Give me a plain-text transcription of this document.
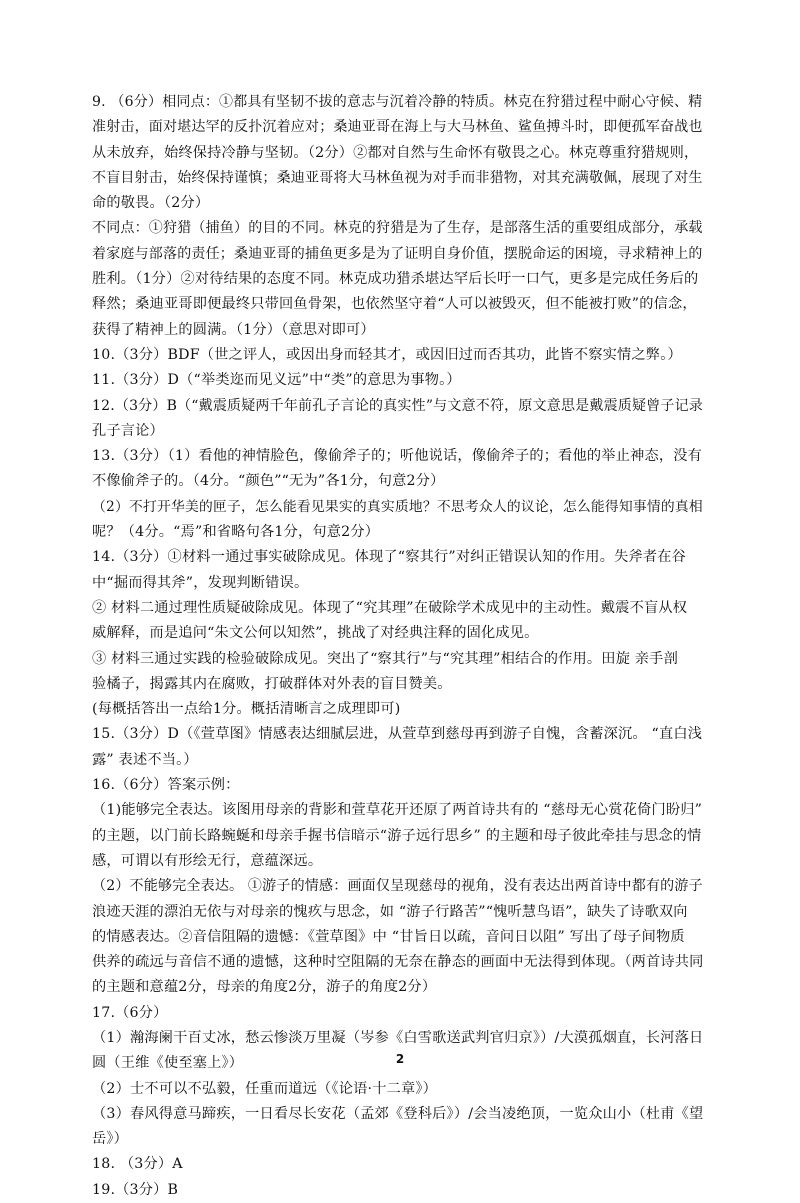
9. （6分）相同点：①都具有坚韧不拔的意志与沉着冷静的特质。林克在狩猎过程中耐心守候、精
准射击，面对堪达罕的反扑沉着应对；桑迪亚哥在海上与大马林鱼、鲨鱼搏斗时，即便孤军奋战也
从未放弃，始终保持冷静与坚韧。（2分）②都对自然与生命怀有敬畏之心。林克尊重狩猎规则，
不盲目射击，始终保持谨慎；桑迪亚哥将大马林鱼视为对手而非猎物，对其充满敬佩，展现了对生
命的敬畏。（2分）
不同点：①狩猎（捕鱼）的目的不同。林克的狩猎是为了生存，是部落生活的重要组成部分，承载
着家庭与部落的责任；桑迪亚哥的捕鱼更多是为了证明自身价值，摆脱命运的困境，寻求精神上的
胜利。（1分）②对待结果的态度不同。林克成功猎杀堪达罕后长吁一口气，更多是完成任务后的
释然；桑迪亚哥即便最终只带回鱼骨架，也依然坚守着“人可以被毁灭，但不能被打败”的信念，
获得了精神上的圆满。（1分）（意思对即可）
10.（3分）BDF（世之评人，或因出身而轻其才，或因旧过而否其功，此皆不察实情之弊。）
11.（3分）D（“举类迩而见义远”中“类”的意思为事物。）
12.（3分）B（“戴震质疑两千年前孔子言论的真实性”与文意不符，原文意思是戴震质疑曾子记录
孔子言论）
13.（3分）（1）看他的神情脸色，像偷斧子的；听他说话，像偷斧子的；看他的举止神态，没有
不像偷斧子的。（4分。“颜色”“无为”各1分，句意2分）
（2）不打开华美的匣子，怎么能看见果实的真实质地？不思考众人的议论，怎么能得知事情的真相
呢？（4分。“焉”和省略句各1分，句意2分）
14.（3分）①材料一通过事实破除成见。体现了“察其行”对纠正错误认知的作用。失斧者在谷
中“掘而得其斧”，发现判断错误。
② 材料二通过理性质疑破除成见。体现了“究其理”在破除学术成见中的主动性。戴震不盲从权
威解释，而是追问“朱文公何以知然”，挑战了对经典注释的固化成见。
③ 材料三通过实践的检验破除成见。突出了“察其行”与“究其理”相结合的作用。田旋 亲手剖
验橘子，揭露其内在腐败，打破群体对外表的盲目赞美。
(每概括答出一点给1分。概括清晰言之成理即可)
15.（3分）D（《萱草图》情感表达细腻层进，从萱草到慈母再到游子自愧，含蓄深沉。 “直白浅
露” 表述不当。）
16.（6分）答案示例：
（1)能够完全表达。该图用母亲的背影和萱草花开还原了两首诗共有的 “慈母无心赏花倚门盼归”
的主题，以门前长路蜿蜒和母亲手握书信暗示“游子远行思乡” 的主题和母子彼此牵挂与思念的情
感，可谓以有形绘无行，意蕴深远。
（2）不能够完全表达。 ①游子的情感：画面仅呈现慈母的视角，没有表达出两首诗中都有的游子
浪迹天涯的漂泊无依与对母亲的愧疚与思念，如 “游子行路苦”“愧听慧鸟语”，缺失了诗歌双向
的情感表达。②音信阻隔的遗憾：《萱草图》中 “甘旨日以疏，音问日以阻” 写出了母子间物质
供养的疏远与音信不通的遗憾，这种时空阻隔的无奈在静态的画面中无法得到体现。（两首诗共同
的主题和意蕴2分，母亲的角度2分，游子的角度2分）
17.（6分）
（1）瀚海阑干百丈冰，愁云惨淡万里凝（岑参《白雪歌送武判官归京》）/大漠孤烟直，长河落日
圆（王维《使至塞上》）
（2）士不可以不弘毅，任重而道远（《论语·十二章》）
（3）春风得意马蹄疾，一日看尽长安花（孟郊《登科后》）/会当凌绝顶，一览众山小（杜甫《望
岳》）
18. （3分）A
19.（3分）B
2
